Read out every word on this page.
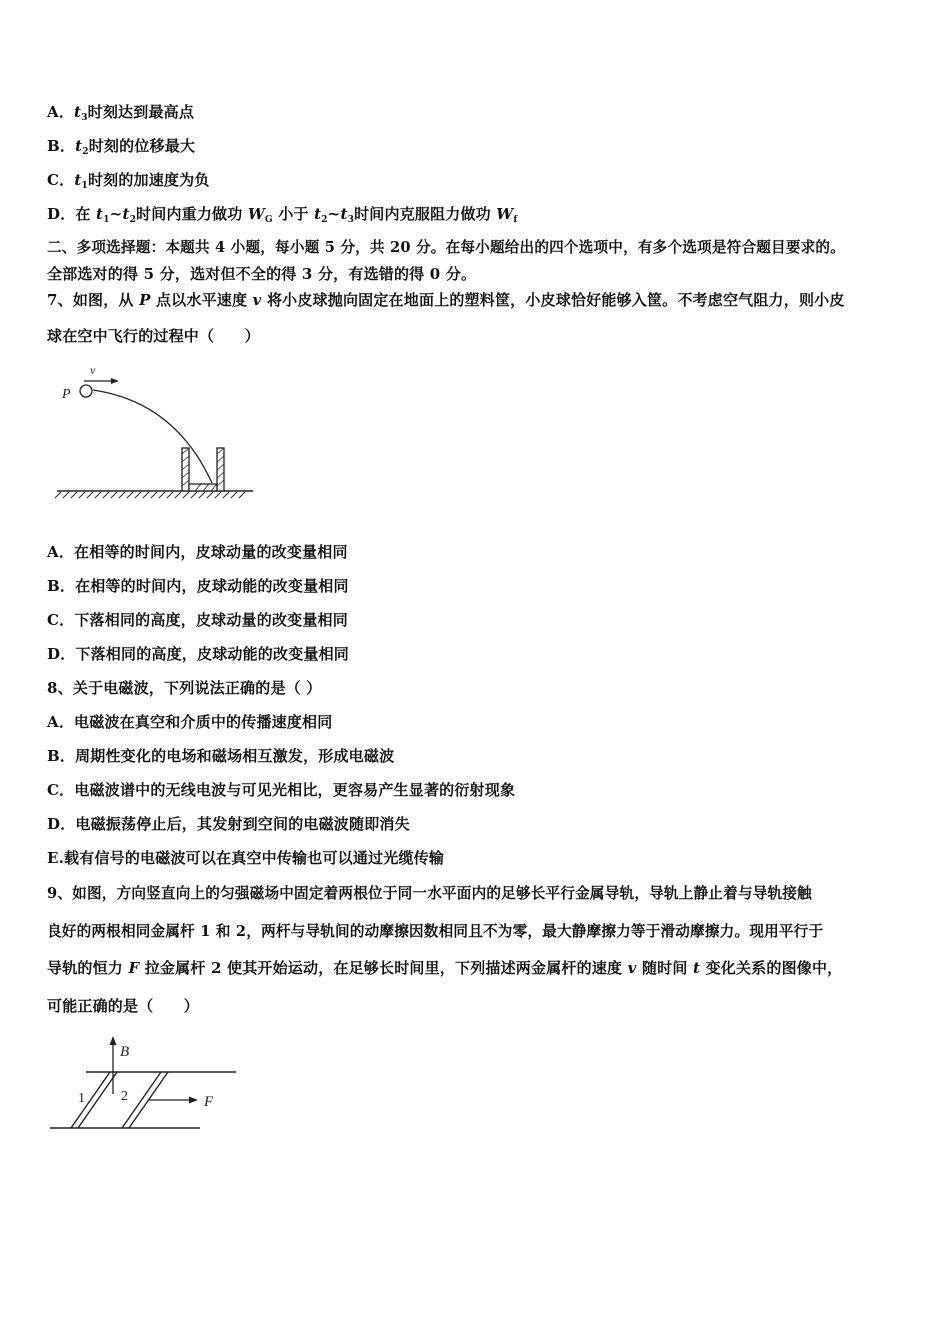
A．$t_3$时刻达到最高点
B．$t_2$时刻的位移最大
C．$t_1$时刻的加速度为负
D．在 $t_1\sim t_2$时间内重力做功 $W_G$ 小于 $t_2\sim t_3$时间内克服阻力做功 $W_f$
二、多项选择题：本题共 4 小题，每小题 5 分，共 20 分。在每小题给出的四个选项中，有多个选项是符合题目要求的。
全部选对的得 5 分，选对但不全的得 3 分，有选错的得 0 分。
7、如图，从 P 点以水平速度 v 将小皮球抛向固定在地面上的塑料筐，小皮球恰好能够入筐。不考虑空气阻力，则小皮
球在空中飞行的过程中（　　）
v
P
A．在相等的时间内，皮球动量的改变量相同
B．在相等的时间内，皮球动能的改变量相同
C．下落相同的高度，皮球动量的改变量相同
D．下落相同的高度，皮球动能的改变量相同
8、关于电磁波，下列说法正确的是（ ）
A．电磁波在真空和介质中的传播速度相同
B．周期性变化的电场和磁场相互激发，形成电磁波
C．电磁波谱中的无线电波与可见光相比，更容易产生显著的衍射现象
D．电磁振荡停止后，其发射到空间的电磁波随即消失
E.载有信号的电磁波可以在真空中传输也可以通过光缆传输
9、如图，方向竖直向上的匀强磁场中固定着两根位于同一水平面内的足够长平行金属导轨，导轨上静止着与导轨接触
良好的两根相同金属杆 1 和 2，两杆与导轨间的动摩擦因数相同且不为零，最大静摩擦力等于滑动摩擦力。现用平行于
导轨的恒力 F 拉金属杆 2 使其开始运动，在足够长时间里，下列描述两金属杆的速度 v 随时间 t 变化关系的图像中，
可能正确的是（　　）
B
F
1	2
